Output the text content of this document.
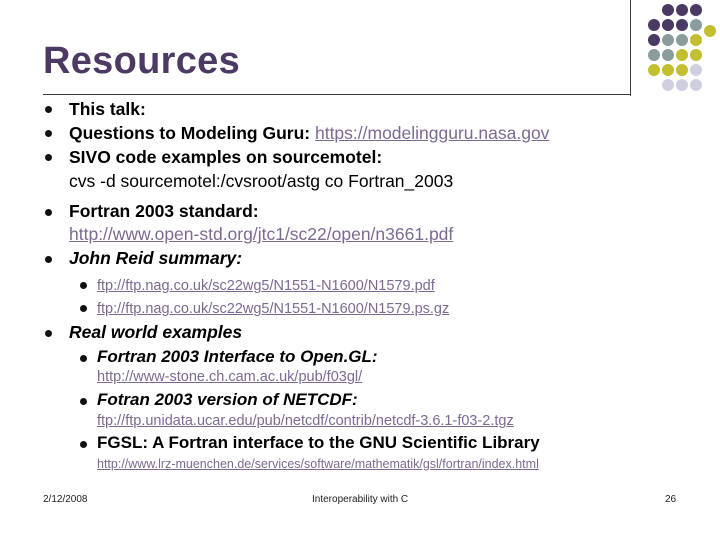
Resources
This talk:
Questions to Modeling Guru: https://modelingguru.nasa.gov
SIVO code examples on sourcemotel:
cvs -d sourcemotel:/cvsroot/astg co Fortran_2003
Fortran 2003 standard:
http://www.open-std.org/jtc1/sc22/open/n3661.pdf
John Reid summary:
ftp://ftp.nag.co.uk/sc22wg5/N1551-N1600/N1579.pdf
ftp://ftp.nag.co.uk/sc22wg5/N1551-N1600/N1579.ps.gz
Real world examples
Fortran 2003 Interface to Open.GL:
http://www-stone.ch.cam.ac.uk/pub/f03gl/
Fotran 2003 version of NETCDF:
ftp://ftp.unidata.ucar.edu/pub/netcdf/contrib/netcdf-3.6.1-f03-2.tgz
FGSL: A Fortran interface to the GNU Scientific Library
http://www.lrz-muenchen.de/services/software/mathematik/gsl/fortran/index.html
2/12/2008	Interoperability with C	26
